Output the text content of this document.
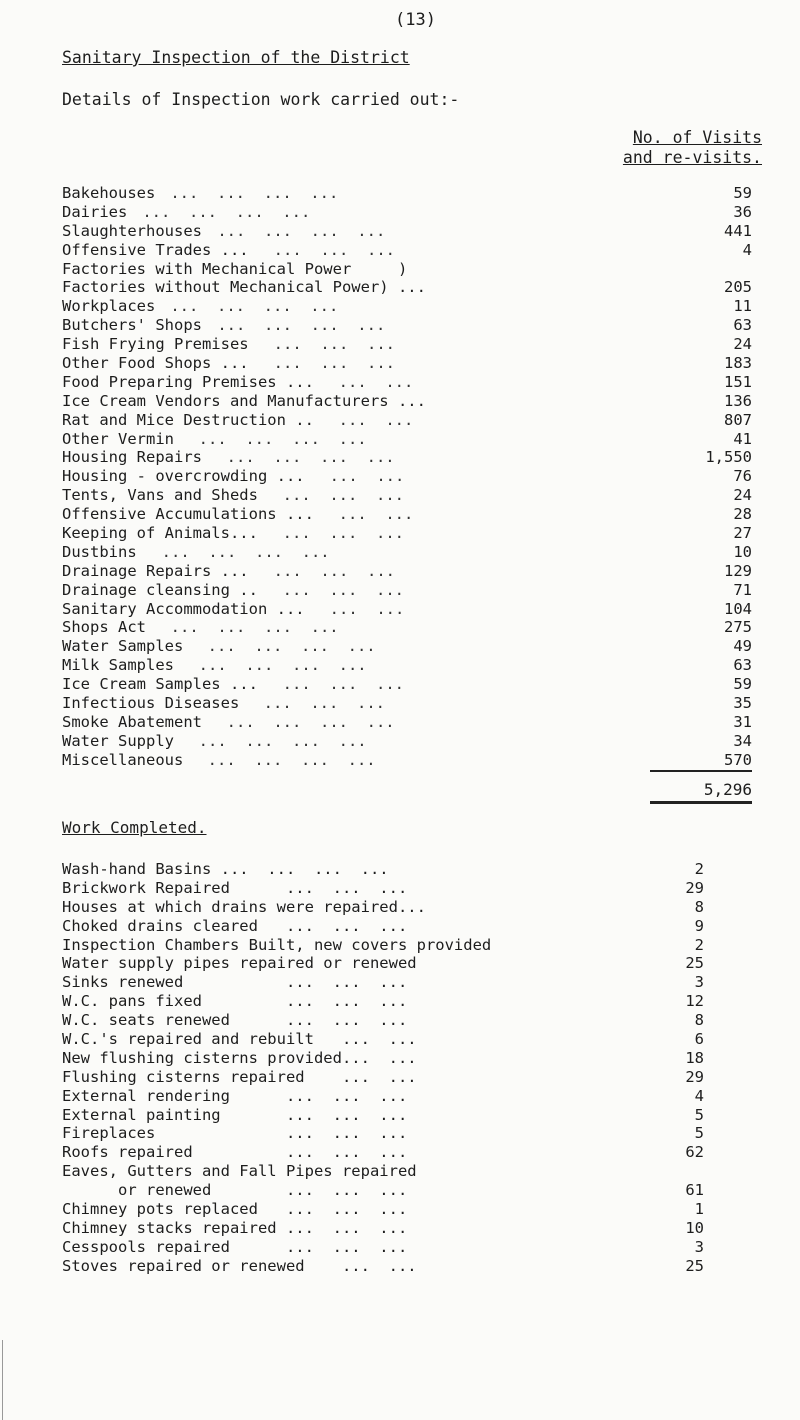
(13)
Sanitary Inspection of the District
Details of Inspection work carried out:-
No. of Visits
and re-visits.
Bakehouses ...  ...  ...  ...	59
Dairies ...  ...  ...  ...	36
Slaughterhouses ...  ...  ...  ...	441
Offensive Trades ... ...  ...  ...	4
Factories with Mechanical Power     )
Factories without Mechanical Power) ...	205
Workplaces ...  ...  ...  ...	11
Butchers' Shops ...  ...  ...  ...	63
Fish Frying Premises ...  ...  ...	24
Other Food Shops ... ...  ...  ...	183
Food Preparing Premises ... ...  ...	151
Ice Cream Vendors and Manufacturers ...	136
Rat and Mice Destruction .. ...  ...	807
Other Vermin ...  ...  ...  ...	41
Housing Repairs ...  ...  ...  ...	1,550
Housing - overcrowding ... ...  ...	76
Tents, Vans and Sheds ...  ...  ...	24
Offensive Accumulations ... ...  ...	28
Keeping of Animals... ...  ...  ...	27
Dustbins ...  ...  ...  ...	10
Drainage Repairs ... ...  ...  ...	129
Drainage cleansing .. ...  ...  ...	71
Sanitary Accommodation ... ...  ...	104
Shops Act ...  ...  ...  ...	275
Water Samples ...  ...  ...  ...	49
Milk Samples ...  ...  ...  ...	63
Ice Cream Samples ... ...  ...  ...	59
Infectious Diseases ...  ...  ...	35
Smoke Abatement ...  ...  ...  ...	31
Water Supply ...  ...  ...  ...	34
Miscellaneous ...  ...  ...  ...	570
5,296
Work Completed.
Wash-hand Basins ...  ...  ...  ...	2
Brickwork Repaired      ...  ...  ...	29
Houses at which drains were repaired...	8
Choked drains cleared   ...  ...  ...	9
Inspection Chambers Built, new covers provided	2
Water supply pipes repaired or renewed	25
Sinks renewed           ...  ...  ...	3
W.C. pans fixed         ...  ...  ...	12
W.C. seats renewed      ...  ...  ...	8
W.C.'s repaired and rebuilt   ...  ...	6
New flushing cisterns provided...  ...	18
Flushing cisterns repaired    ...  ...	29
External rendering      ...  ...  ...	4
External painting       ...  ...  ...	5
Fireplaces              ...  ...  ...	5
Roofs repaired          ...  ...  ...	62
Eaves, Gutters and Fall Pipes repaired
or renewed        ...  ...  ...	61
Chimney pots replaced   ...  ...  ...	1
Chimney stacks repaired ...  ...  ...	10
Cesspools repaired      ...  ...  ...	3
Stoves repaired or renewed    ...  ...	25
